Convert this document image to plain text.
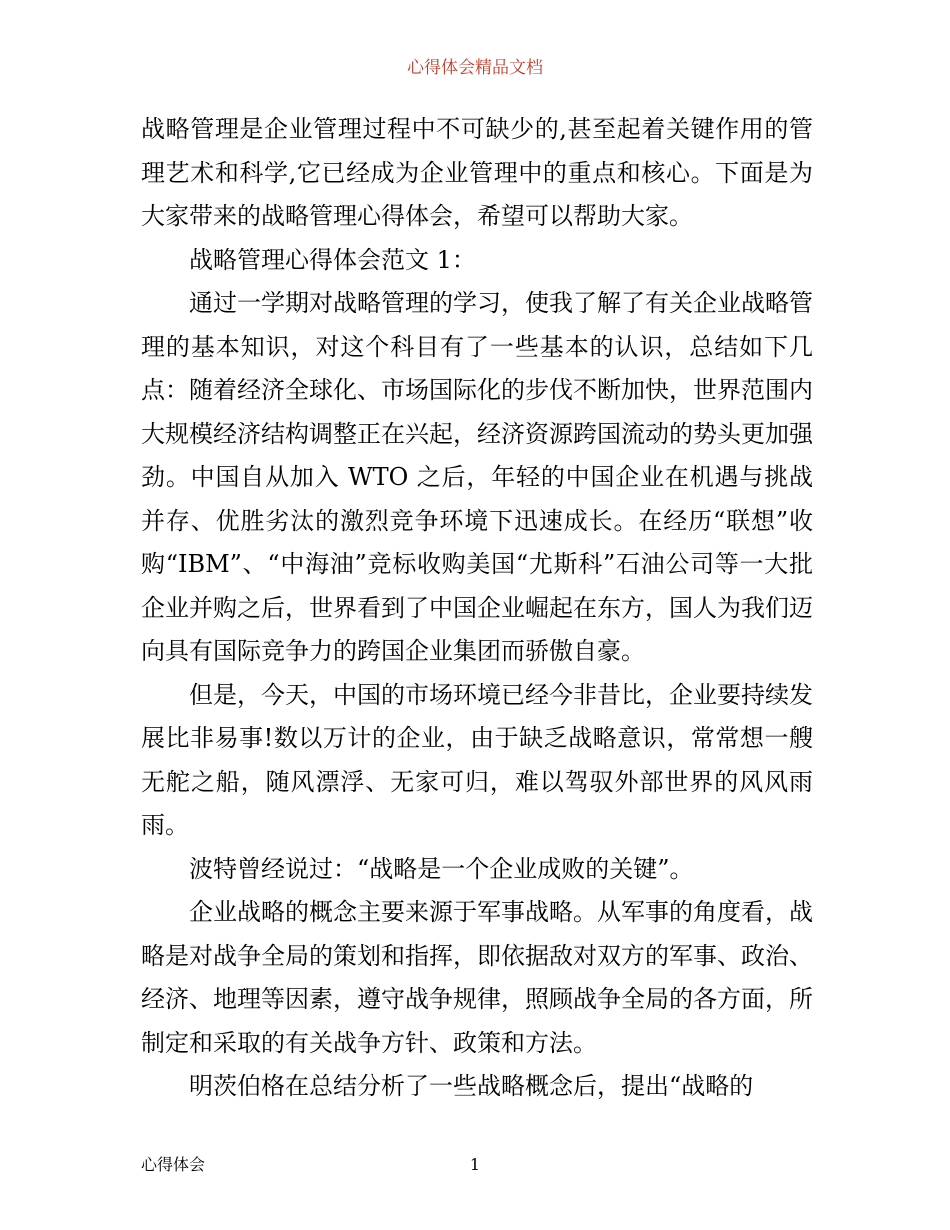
心得体会精品文档

战略管理是企业管理过程中不可缺少的,甚至起着关键作用的管理艺术和科学,它已经成为企业管理中的重点和核心。下面是为大家带来的战略管理心得体会，希望可以帮助大家。

战略管理心得体会范文 1：

通过一学期对战略管理的学习，使我了解了有关企业战略管理的基本知识，对这个科目有了一些基本的认识，总结如下几点：随着经济全球化、市场国际化的步伐不断加快，世界范围内大规模经济结构调整正在兴起，经济资源跨国流动的势头更加强劲。中国自从加入 WTO 之后，年轻的中国企业在机遇与挑战并存、优胜劣汰的激烈竞争环境下迅速成长。在经历“联想”收购“IBM”、“中海油”竞标收购美国“尤斯科”石油公司等一大批企业并购之后，世界看到了中国企业崛起在东方，国人为我们迈向具有国际竞争力的跨国企业集团而骄傲自豪。

但是，今天，中国的市场环境已经今非昔比，企业要持续发展比非易事!数以万计的企业，由于缺乏战略意识，常常想一艘无舵之船，随风漂浮、无家可归，难以驾驭外部世界的风风雨雨。

波特曾经说过：“战略是一个企业成败的关键”。

企业战略的概念主要来源于军事战略。从军事的角度看，战略是对战争全局的策划和指挥，即依据敌对双方的军事、政治、经济、地理等因素，遵守战争规律，照顾战争全局的各方面，所制定和采取的有关战争方针、政策和方法。

明茨伯格在总结分析了一些战略概念后，提出“战略的

心得体会	1
